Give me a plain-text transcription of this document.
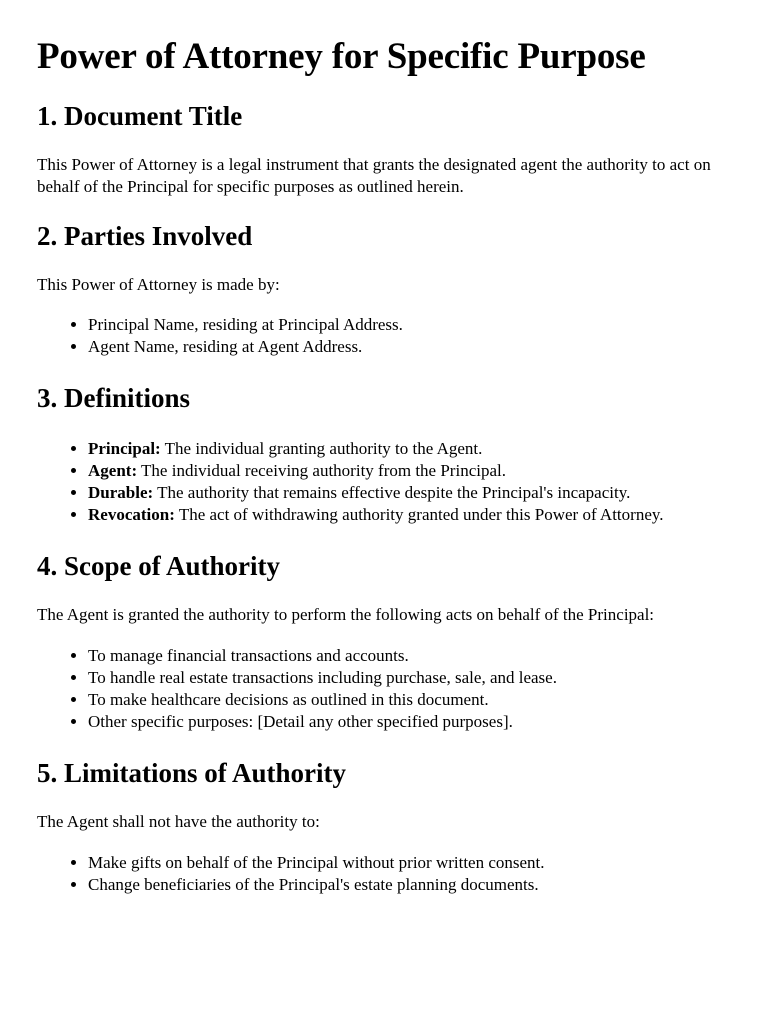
Power of Attorney for Specific Purpose
1. Document Title

This Power of Attorney is a legal instrument that grants the designated agent the authority to act on behalf of the Principal for specific purposes as outlined herein.

2. Parties Involved

This Power of Attorney is made by:

• Principal Name, residing at Principal Address.
• Agent Name, residing at Agent Address.
3. Definitions
• Principal: The individual granting authority to the Agent.
• Agent: The individual receiving authority from the Principal.
• Durable: The authority that remains effective despite the Principal's incapacity.
• Revocation: The act of withdrawing authority granted under this Power of Attorney.
4. Scope of Authority

The Agent is granted the authority to perform the following acts on behalf of the Principal:

• To manage financial transactions and accounts.
• To handle real estate transactions including purchase, sale, and lease.
• To make healthcare decisions as outlined in this document.
• Other specific purposes: [Detail any other specified purposes].
5. Limitations of Authority

The Agent shall not have the authority to:

• Make gifts on behalf of the Principal without prior written consent.
• Change beneficiaries of the Principal's estate planning documents.
